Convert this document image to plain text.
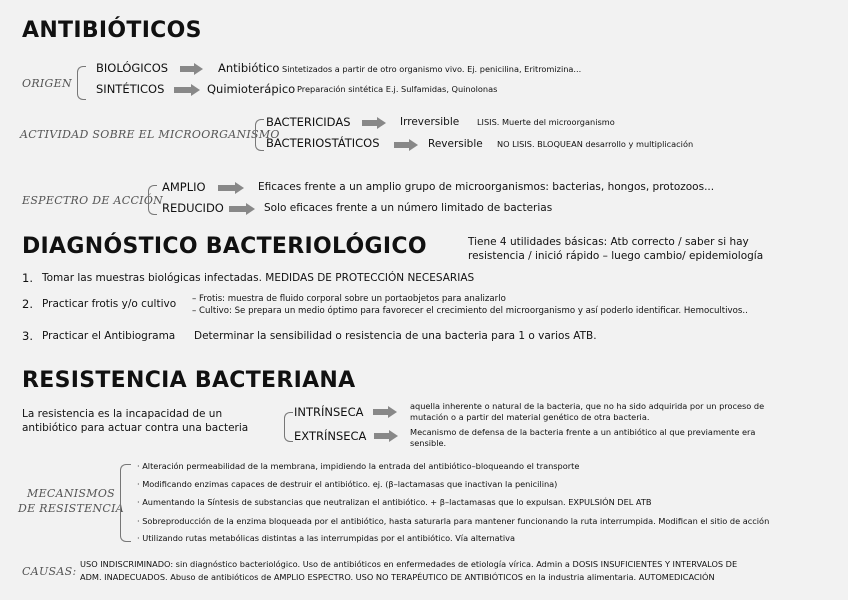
ANTIBIÓTICOS
ORIGEN
BIOLÓGICOS	Antibiótico Sintetizados a partir de otro organismo vivo. Ej. penicilina, Eritromizina...
SINTÉTICOS	Quimioterápico Preparación sintética E.j. Sulfamidas, Quinolonas
ACTIVIDAD SOBRE EL MICROORGANISMO
BACTERICIDAS	Irreversible LISIS. Muerte del microorganismo
BACTERIOSTÁTICOS	Reversible NO LISIS. BLOQUEAN desarrollo y multiplicación
ESPECTRO DE ACCIÓN
AMPLIO	Eficaces frente a un amplio grupo de microorganismos: bacterias, hongos, protozoos...
REDUCIDO	Solo eficaces frente a un número limitado de bacterias
DIAGNÓSTICO BACTERIOLÓGICO	Tiene 4 utilidades básicas: Atb correcto / saber si hay
resistencia / inició rápido – luego cambio/ epidemiología
1. Tomar las muestras biológicas infectadas. MEDIDAS DE PROTECCIÓN NECESARIAS
2. Practicar frotis y/o cultivo – Frotis: muestra de fluido corporal sobre un portaobjetos para analizarlo
– Cultivo: Se prepara un medio óptimo para favorecer el crecimiento del microorganismo y así poderlo identificar. Hemocultivos..
3. Practicar el Antibiograma Determinar la sensibilidad o resistencia de una bacteria para 1 o varios ATB.
RESISTENCIA BACTERIANA
La resistencia es la incapacidad de un
antibiótico para actuar contra una bacteria
INTRÍNSECA	aquella inherente o natural de la bacteria, que no ha sido adquirida por un proceso de
mutación o a partir del material genético de otra bacteria.
EXTRÍNSECA	Mecanismo de defensa de la bacteria frente a un antibiótico al que previamente era
sensible.
MECANISMOS
DE RESISTENCIA
· Alteración permeabilidad de la membrana, impidiendo la entrada del antibiótico–bloqueando el transporte
· Modificando enzimas capaces de destruir el antibiótico. ej. (β–lactamasas que inactivan la penicilina)
· Aumentando la Síntesis de substancias que neutralizan el antibiótico. + β–lactamasas que lo expulsan. EXPULSIÓN DEL ATB
· Sobreproducción de la enzima bloqueada por el antibiótico, hasta saturarla para mantener funcionando la ruta interrumpida. Modifican el sitio de acción
· Utilizando rutas metabólicas distintas a las interrumpidas por el antibiótico. Vía alternativa
CAUSAS:
USO INDISCRIMINADO: sin diagnóstico bacteriológico. Uso de antibióticos en enfermedades de etiología vírica. Admin a DOSIS INSUFICIENTES Y INTERVALOS DE
ADM. INADECUADOS. Abuso de antibióticos de AMPLIO ESPECTRO. USO NO TERAPÉUTICO DE ANTIBIÓTICOS en la industria alimentaria. AUTOMEDICACIÓN
